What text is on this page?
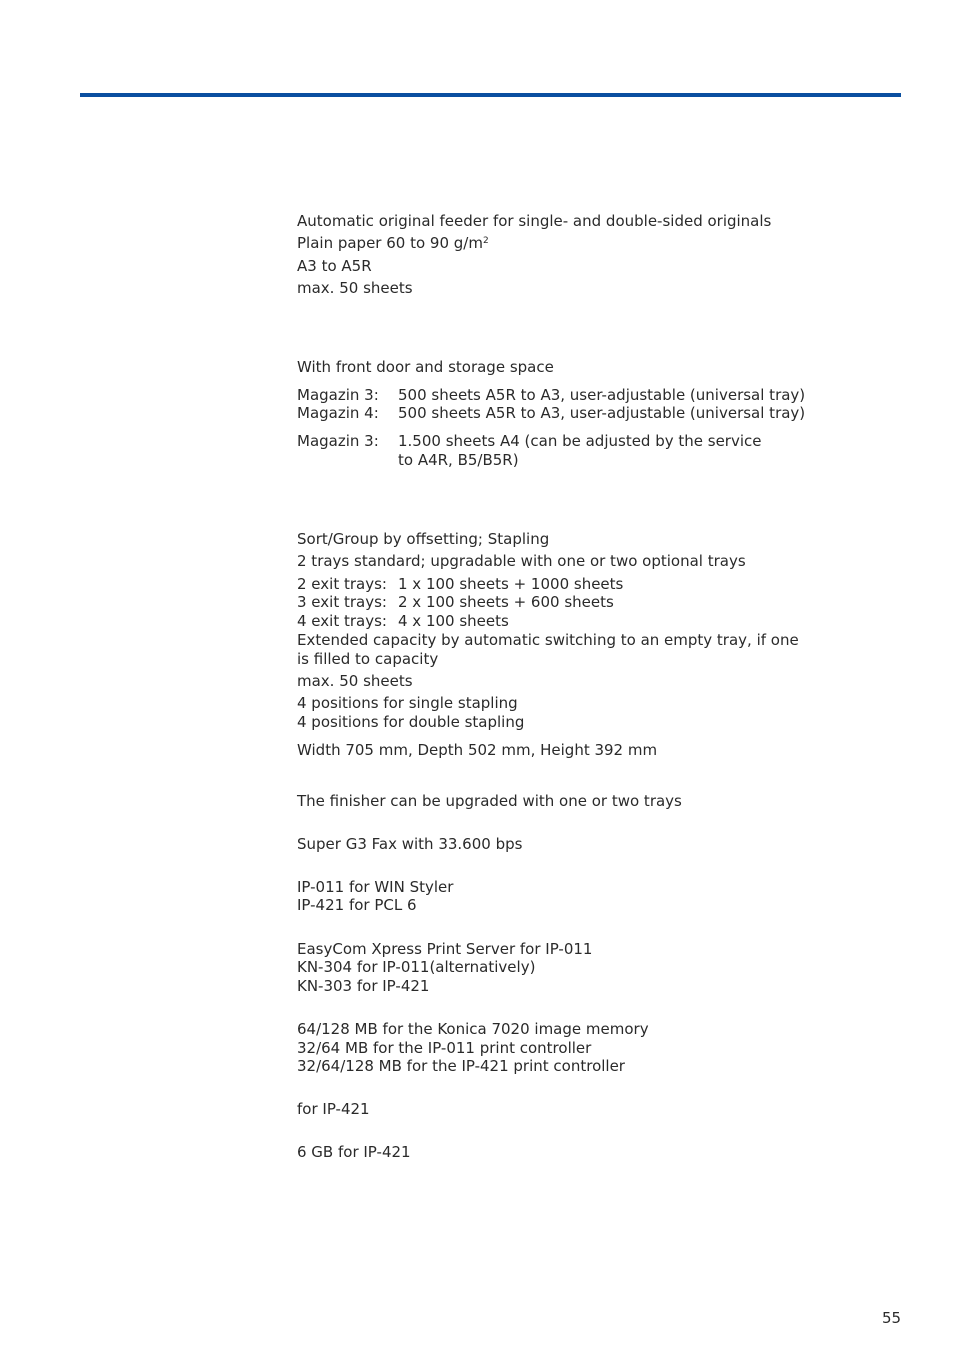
Automatic original feeder for single- and double-sided originals
Plain paper 60 to 90 $g/m^2$
A3 to A5R
max. 50 sheets
With front door and storage space
Magazin 3: 500 sheets A5R to A3, user-adjustable (universal tray)
Magazin 4: 500 sheets A5R to A3, user-adjustable (universal tray)
Magazin 3: 1.500 sheets A4 (can be adjusted by the service
to A4R, B5/B5R)
Sort/Group by offsetting; Stapling
2 trays standard; upgradable with one or two optional trays
2 exit trays: 1 x 100 sheets + 1000 sheets
3 exit trays: 2 x 100 sheets + 600 sheets
4 exit trays: 4 x 100 sheets
Extended capacity by automatic switching to an empty tray, if one
is filled to capacity
max. 50 sheets
4 positions for single stapling
4 positions for double stapling
Width 705 mm, Depth 502 mm, Height 392 mm
The finisher can be upgraded with one or two trays
Super G3 Fax with 33.600 bps
IP-011 for WIN Styler
IP-421 for PCL 6
EasyCom Xpress Print Server for IP-011
KN-304 for IP-011(alternatively)
KN-303 for IP-421
64/128 MB for the Konica 7020 image memory
32/64 MB for the IP-011 print controller
32/64/128 MB for the IP-421 print controller
for IP-421
6 GB for IP-421
55
